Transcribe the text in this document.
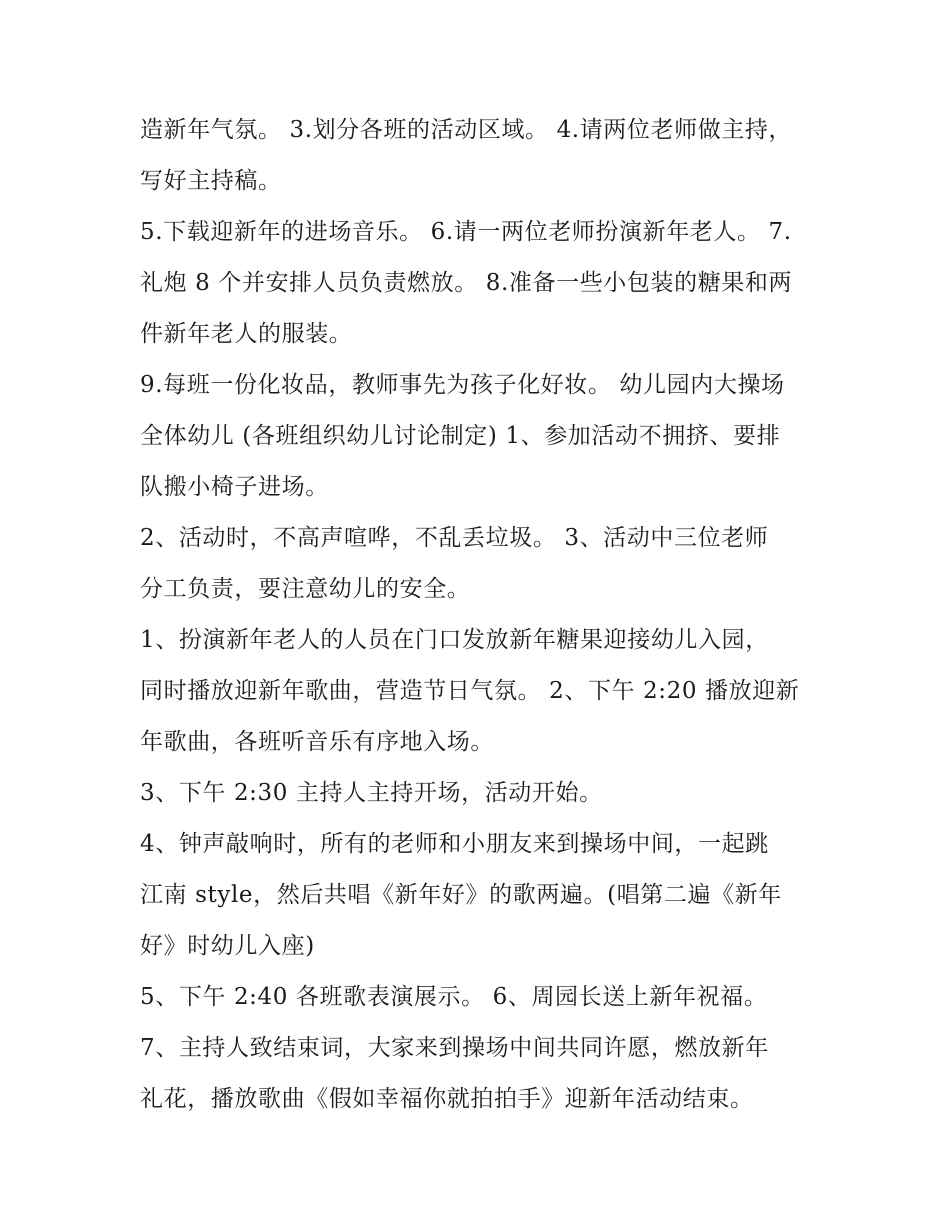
造新年气氛。 3.划分各班的活动区域。 4.请两位老师做主持，
写好主持稿。
5.下载迎新年的进场音乐。 6.请一两位老师扮演新年老人。 7.
礼炮 8 个并安排人员负责燃放。 8.准备一些小包装的糖果和两
件新年老人的服装。
9.每班一份化妆品，教师事先为孩子化好妆。 幼儿园内大操场
全体幼儿 (各班组织幼儿讨论制定) 1、参加活动不拥挤、要排
队搬小椅子进场。
2、活动时，不高声喧哗，不乱丢垃圾。 3、活动中三位老师
分工负责，要注意幼儿的安全。
1、扮演新年老人的人员在门口发放新年糖果迎接幼儿入园，
同时播放迎新年歌曲，营造节日气氛。 2、下午 2:20 播放迎新
年歌曲，各班听音乐有序地入场。
3、下午 2:30 主持人主持开场，活动开始。
4、钟声敲响时，所有的老师和小朋友来到操场中间，一起跳
江南 style，然后共唱《新年好》的歌两遍。(唱第二遍《新年
好》时幼儿入座)
5、下午 2:40 各班歌表演展示。 6、周园长送上新年祝福。
7、主持人致结束词，大家来到操场中间共同许愿，燃放新年
礼花，播放歌曲《假如幸福你就拍拍手》迎新年活动结束。
